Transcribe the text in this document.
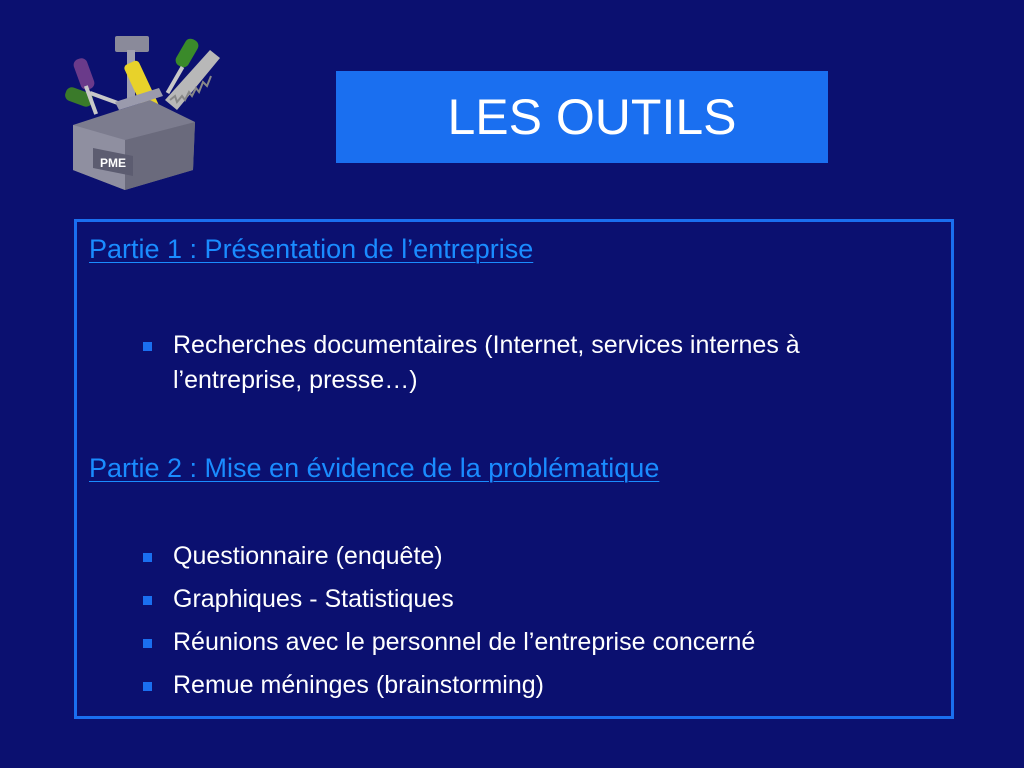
PME
LES OUTILS
Partie 1 : Présentation de l’entreprise
Recherches documentaires (Internet, services internes à l’entreprise, presse…)
Partie 2 : Mise en évidence de la problématique
Questionnaire (enquête)
Graphiques - Statistiques
Réunions avec le personnel de l’entreprise concerné
Remue méninges (brainstorming)
